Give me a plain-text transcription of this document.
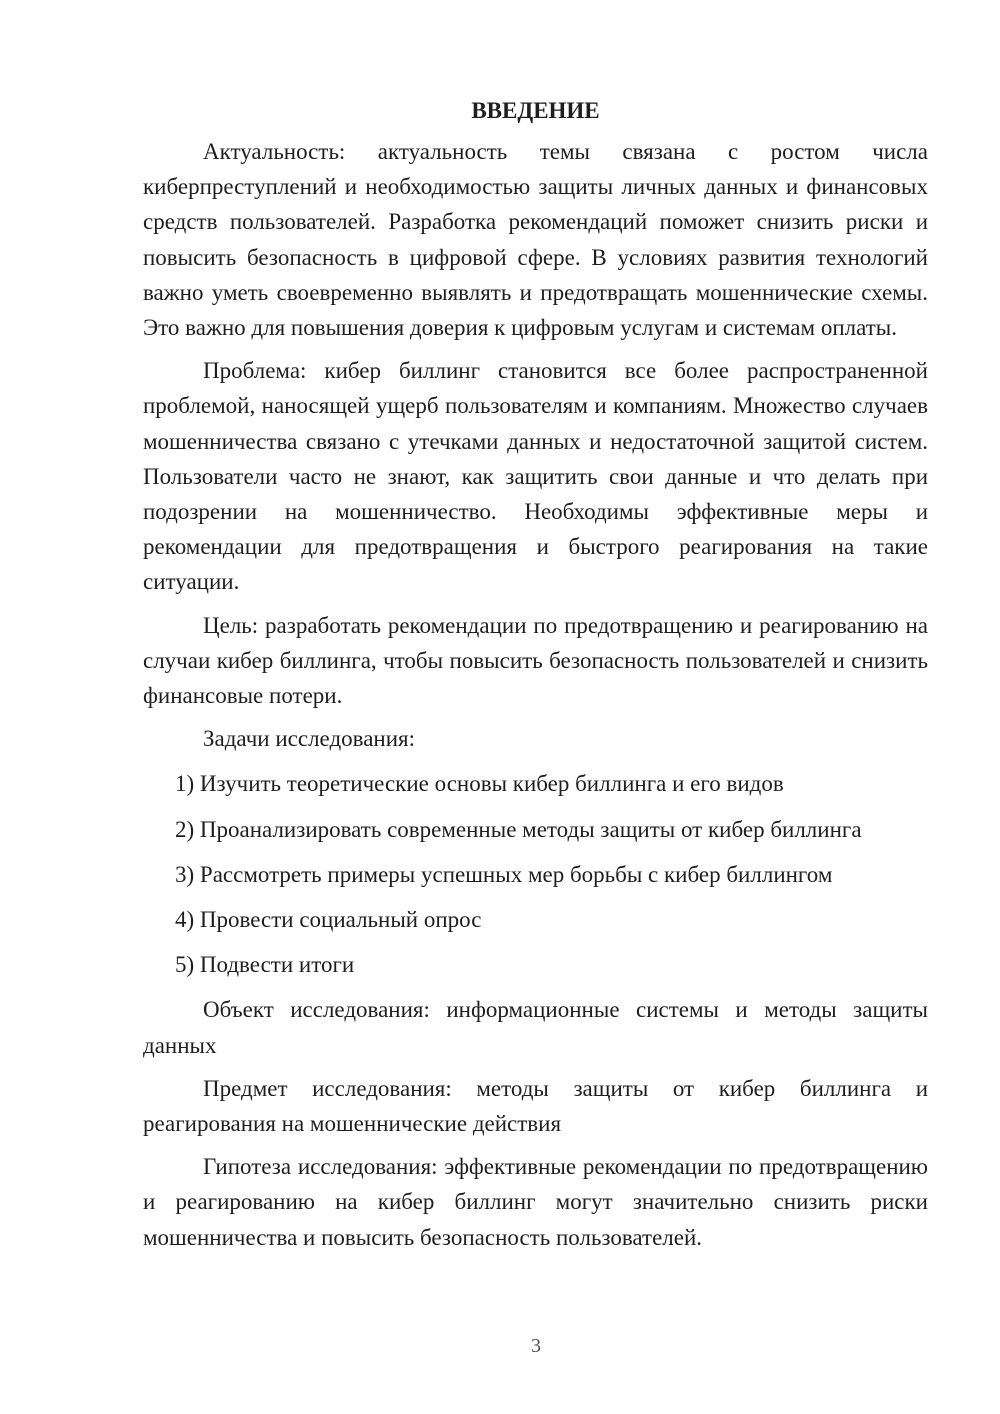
ВВЕДЕНИЕ

Актуальность: актуальность темы связана с ростом числа киберпреступлений и необходимостью защиты личных данных и финансовых средств пользователей. Разработка рекомендаций поможет снизить риски и повысить безопасность в цифровой сфере. В условиях развития технологий важно уметь своевременно выявлять и предотвращать мошеннические схемы. Это важно для повышения доверия к цифровым услугам и системам оплаты.

Проблема: кибер биллинг становится все более распространенной проблемой, наносящей ущерб пользователям и компаниям. Множество случаев мошенничества связано с утечками данных и недостаточной защитой систем. Пользователи часто не знают, как защитить свои данные и что делать при подозрении на мошенничество. Необходимы эффективные меры и рекомендации для предотвращения и быстрого реагирования на такие ситуации.

Цель: разработать рекомендации по предотвращению и реагированию на случаи кибер биллинга, чтобы повысить безопасность пользователей и снизить финансовые потери.

Задачи исследования:

1) Изучить теоретические основы кибер биллинга и его видов
2) Проанализировать современные методы защиты от кибер биллинга
3) Рассмотреть примеры успешных мер борьбы с кибер биллингом
4) Провести социальный опрос
5) Подвести итоги

Объект исследования: информационные системы и методы защиты данных

Предмет исследования: методы защиты от кибер биллинга и реагирования на мошеннические действия

Гипотеза исследования: эффективные рекомендации по предотвращению и реагированию на кибер биллинг могут значительно снизить риски мошенничества и повысить безопасность пользователей.

3
